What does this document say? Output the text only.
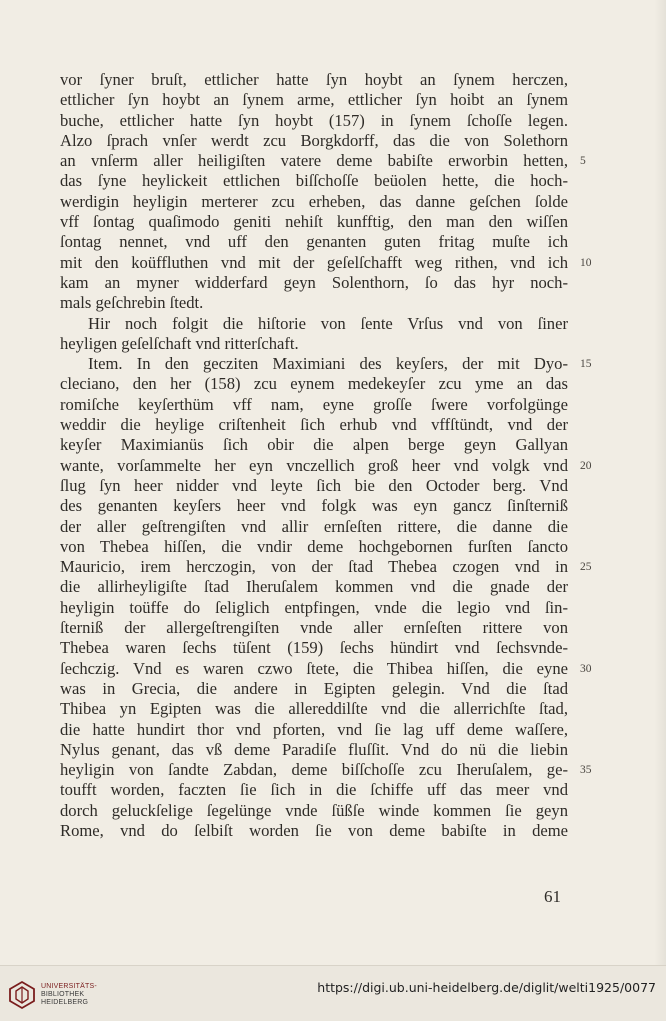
vor ſyner bruſt, ettlicher hatte ſyn hoybt an ſynem herczen,
ettlicher ſyn hoybt an ſynem arme, ettlicher ſyn hoibt an ſynem
buche, ettlicher hatte ſyn hoybt (157) in ſynem ſchoſſe legen.
Alzo ſprach vnſer werdt zcu Borgkdorff, das die von Solethorn
an vnſerm aller heiligiſten vatere deme babiſte erworbin hetten, 5
das ſyne heylickeit ettlichen biſſchoſſe beüolen hette, die hoch-
werdigin heyligin merterer zcu erheben, das danne geſchen ſolde
vff ſontag quaſimodo geniti nehiſt kunfftig, den man den wiſſen
ſontag nennet, vnd uff den genanten guten fritag muſte ich
mit den koüffluthen vnd mit der geſelſchafft weg rithen, vnd ich 10
kam an myner widderfard geyn Solenthorn, ſo das hyr noch-
mals geſchrebin ſtedt.
Hir noch folgit die hiſtorie von ſente Vrſus vnd von ſiner
heyligen geſelſchaft vnd ritterſchaft.
Item. In den gecziten Maximiani des keyſers, der mit Dyo- 15
cleciano, den her (158) zcu eynem medekeyſer zcu yme an das
romiſche keyſerthüm vff nam, eyne groſſe ſwere vorfolgünge
weddir die heylige criſtenheit ſich erhub vnd vffſtündt, vnd der
keyſer Maximianüs ſich obir die alpen berge geyn Gallyan
wante, vorſammelte her eyn vnczellich groß heer vnd volgk vnd 20
ſlug ſyn heer nidder vnd leyte ſich bie den Octoder berg. Vnd
des genanten keyſers heer vnd folgk was eyn gancz ſinſterniß
der aller geſtrengiſten vnd allir ernſeſten rittere, die danne die
von Thebea hiſſen, die vndir deme hochgebornen furſten ſancto
Mauricio, irem herczogin, von der ſtad Thebea czogen vnd in 25
die allirheyligiſte ſtad Iheruſalem kommen vnd die gnade der
heyligin toüffe do ſeliglich entpfingen, vnde die legio vnd ſin-
ſterniß der allergeſtrengiſten vnde aller ernſeſten rittere von
Thebea waren ſechs tüſent (159) ſechs hündirt vnd ſechsvnde-
ſechczig. Vnd es waren czwo ſtete, die Thibea hiſſen, die eyne 30
was in Grecia, die andere in Egipten gelegin. Vnd die ſtad
Thibea yn Egipten was die allereddilſte vnd die allerrichſte ſtad,
die hatte hundirt thor vnd pforten, vnd ſie lag uff deme waſſere,
Nylus genant, das vß deme Paradiſe fluſſit. Vnd do nü die liebin
heyligin von ſandte Zabdan, deme biſſchoſſe zcu Iheruſalem, ge- 35
toufft worden, faczten ſie ſich in die ſchiffe uff das meer vnd
dorch geluckſelige ſegelünge vnde ſüßſe winde kommen ſie geyn
Rome, vnd do ſelbiſt worden ſie von deme babiſte in deme
61
UNIVERSITÄTS-
BIBLIOTHEK
HEIDELBERG
https://digi.ub.uni-heidelberg.de/diglit/welti1925/0077
